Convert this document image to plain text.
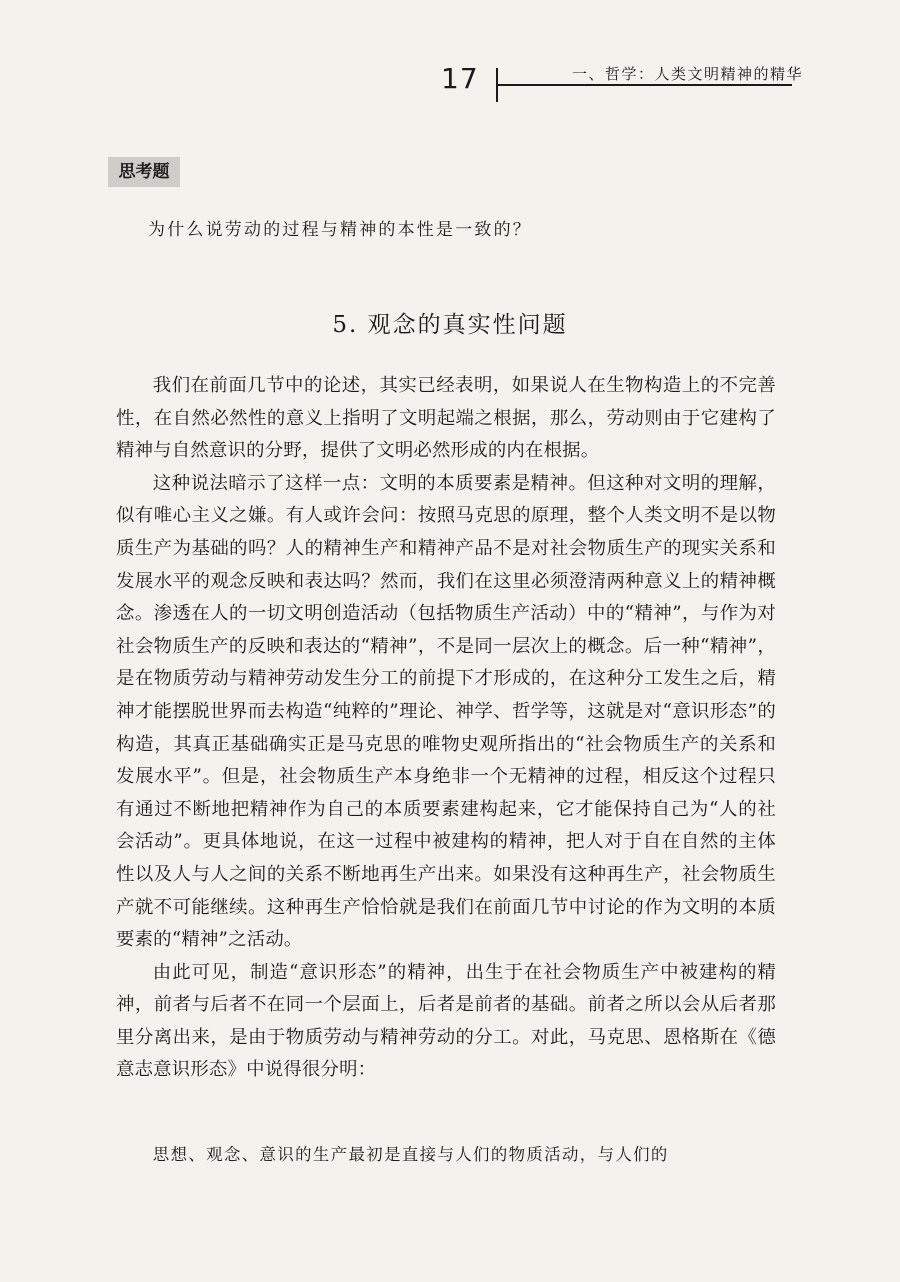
17	一、哲学：人类文明精神的精华
思考题
为什么说劳动的过程与精神的本性是一致的？
5. 观念的真实性问题

我们在前面几节中的论述，其实已经表明，如果说人在生物构造上的不完善性，在自然必然性的意义上指明了文明起端之根据，那么，劳动则由于它建构了精神与自然意识的分野，提供了文明必然形成的内在根据。

这种说法暗示了这样一点：文明的本质要素是精神。但这种对文明的理解，似有唯心主义之嫌。有人或许会问：按照马克思的原理，整个人类文明不是以物质生产为基础的吗？人的精神生产和精神产品不是对社会物质生产的现实关系和发展水平的观念反映和表达吗？然而，我们在这里必须澄清两种意义上的精神概念。渗透在人的一切文明创造活动（包括物质生产活动）中的“精神”，与作为对社会物质生产的反映和表达的“精神”，不是同一层次上的概念。后一种“精神”，是在物质劳动与精神劳动发生分工的前提下才形成的，在这种分工发生之后，精神才能摆脱世界而去构造“纯粹的”理论、神学、哲学等，这就是对“意识形态”的构造，其真正基础确实正是马克思的唯物史观所指出的“社会物质生产的关系和发展水平”。但是，社会物质生产本身绝非一个无精神的过程，相反这个过程只有通过不断地把精神作为自己的本质要素建构起来，它才能保持自己为“人的社会活动”。更具体地说，在这一过程中被建构的精神，把人对于自在自然的主体性以及人与人之间的关系不断地再生产出来。如果没有这种再生产，社会物质生产就不可能继续。这种再生产恰恰就是我们在前面几节中讨论的作为文明的本质要素的“精神”之活动。

由此可见，制造“意识形态”的精神，出生于在社会物质生产中被建构的精神，前者与后者不在同一个层面上，后者是前者的基础。前者之所以会从后者那里分离出来，是由于物质劳动与精神劳动的分工。对此，马克思、恩格斯在《德意志意识形态》中说得很分明：

思想、观念、意识的生产最初是直接与人们的物质活动，与人们的
